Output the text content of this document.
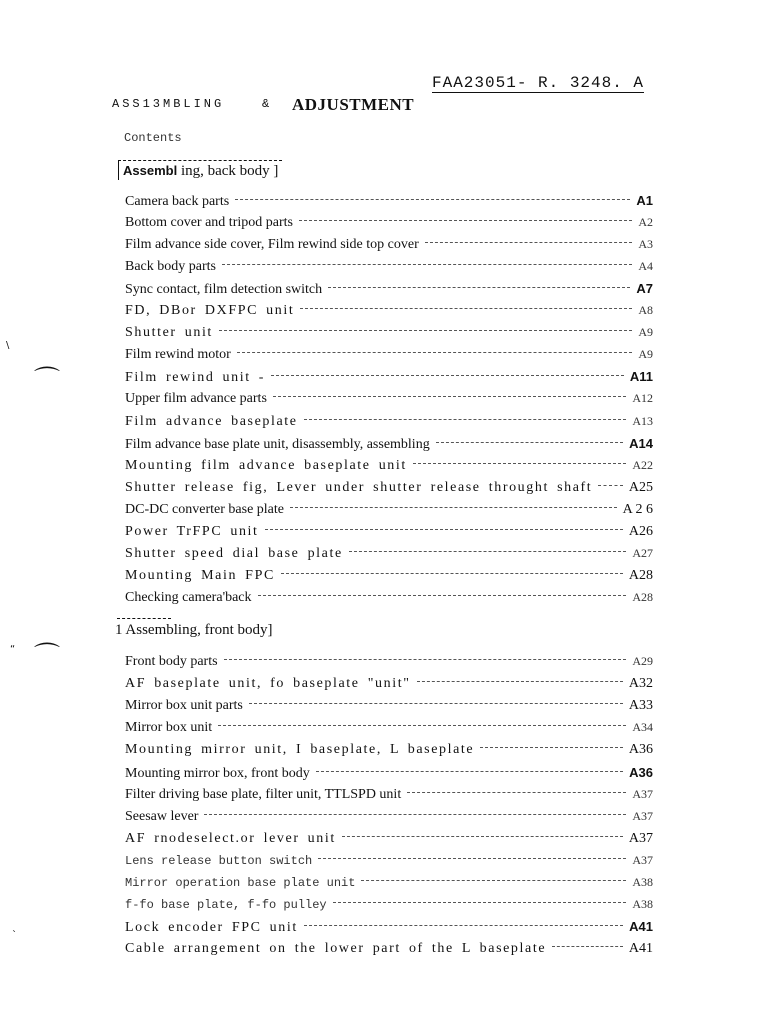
FAA23051- R. 3248. A
ASS13MBLING	& ADJUSTMENT
Contents
Assembl ing, back body ]
Camera back parts	A1
Bottom cover and tripod parts	A2
Film advance side cover, Film rewind side top cover	A3
Back body parts	A4
Sync contact, film detection switch	A7
FD, DBor DXFPC unit	A8
Shutter unit	A9
Film rewind motor	A9
Film rewind unit -	A11
Upper film advance parts	A12
Film advance baseplate	A13
Film advance base plate unit, disassembly, assembling	A14
Mounting film advance baseplate unit	A22
Shutter release fig, Lever under shutter release throught shaft	A25
DC-DC converter base plate	A 2 6
Power TrFPC unit	A26
Shutter speed dial base plate	A27
Mounting Main FPC	A28
Checking camera'back	A28
1 Assembling, front body]
Front body parts	A29
AF baseplate unit, fo baseplate "unit"	A32
Mirror box unit parts	A33
Mirror box unit	A34
Mounting mirror unit, I baseplate, L baseplate	A36
Mounting mirror box, front body	A36
Filter driving base plate, filter unit, TTLSPD unit	A37
Seesaw lever	A37
AF rnodeselect.or lever unit	A37
Lens release button switch	A37
Mirror operation base plate unit	A38
f-fo base plate, f-fo pulley	A38
Lock encoder FPC unit	A41
Cable arrangement on the lower part of the L baseplate	A41
⌒
⌒
\
“
`
